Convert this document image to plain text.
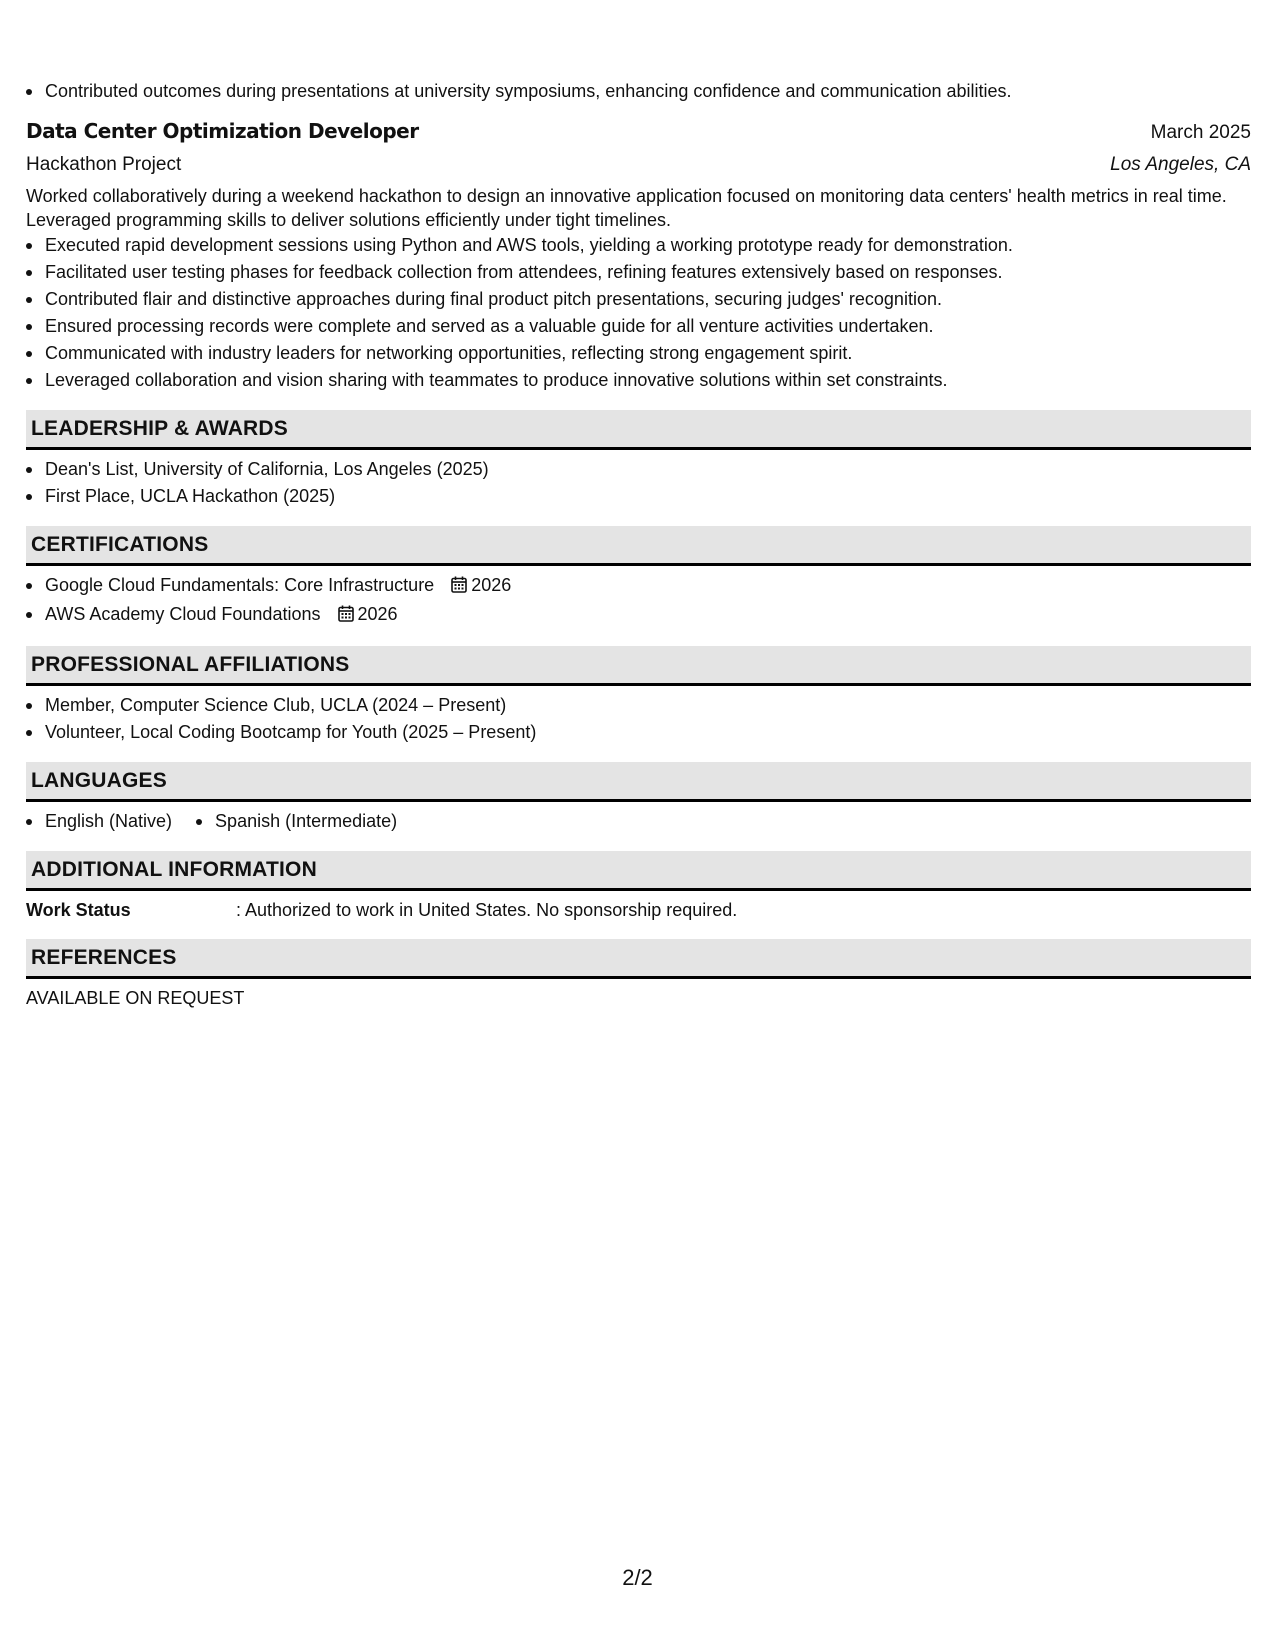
Contributed outcomes during presentations at university symposiums, enhancing confidence and communication abilities.
Data Center Optimization Developer	March 2025
Hackathon Project	Los Angeles, CA

Worked collaboratively during a weekend hackathon to design an innovative application focused on monitoring data centers' health metrics in real time. Leveraged programming skills to deliver solutions efficiently under tight timelines.

Executed rapid development sessions using Python and AWS tools, yielding a working prototype ready for demonstration.
Facilitated user testing phases for feedback collection from attendees, refining features extensively based on responses.
Contributed flair and distinctive approaches during final product pitch presentations, securing judges' recognition.
Ensured processing records were complete and served as a valuable guide for all venture activities undertaken.
Communicated with industry leaders for networking opportunities, reflecting strong engagement spirit.
Leveraged collaboration and vision sharing with teammates to produce innovative solutions within set constraints.
LEADERSHIP & AWARDS
Dean's List, University of California, Los Angeles (2025)
First Place, UCLA Hackathon (2025)
CERTIFICATIONS
Google Cloud Fundamentals: Core Infrastructure 2026
AWS Academy Cloud Foundations 2026
PROFESSIONAL AFFILIATIONS
Member, Computer Science Club, UCLA (2024 – Present)
Volunteer, Local Coding Bootcamp for Youth (2025 – Present)
LANGUAGES
English (Native)	Spanish (Intermediate)
ADDITIONAL INFORMATION
Work Status	: Authorized to work in United States. No sponsorship required.
REFERENCES
AVAILABLE ON REQUEST
2/2
